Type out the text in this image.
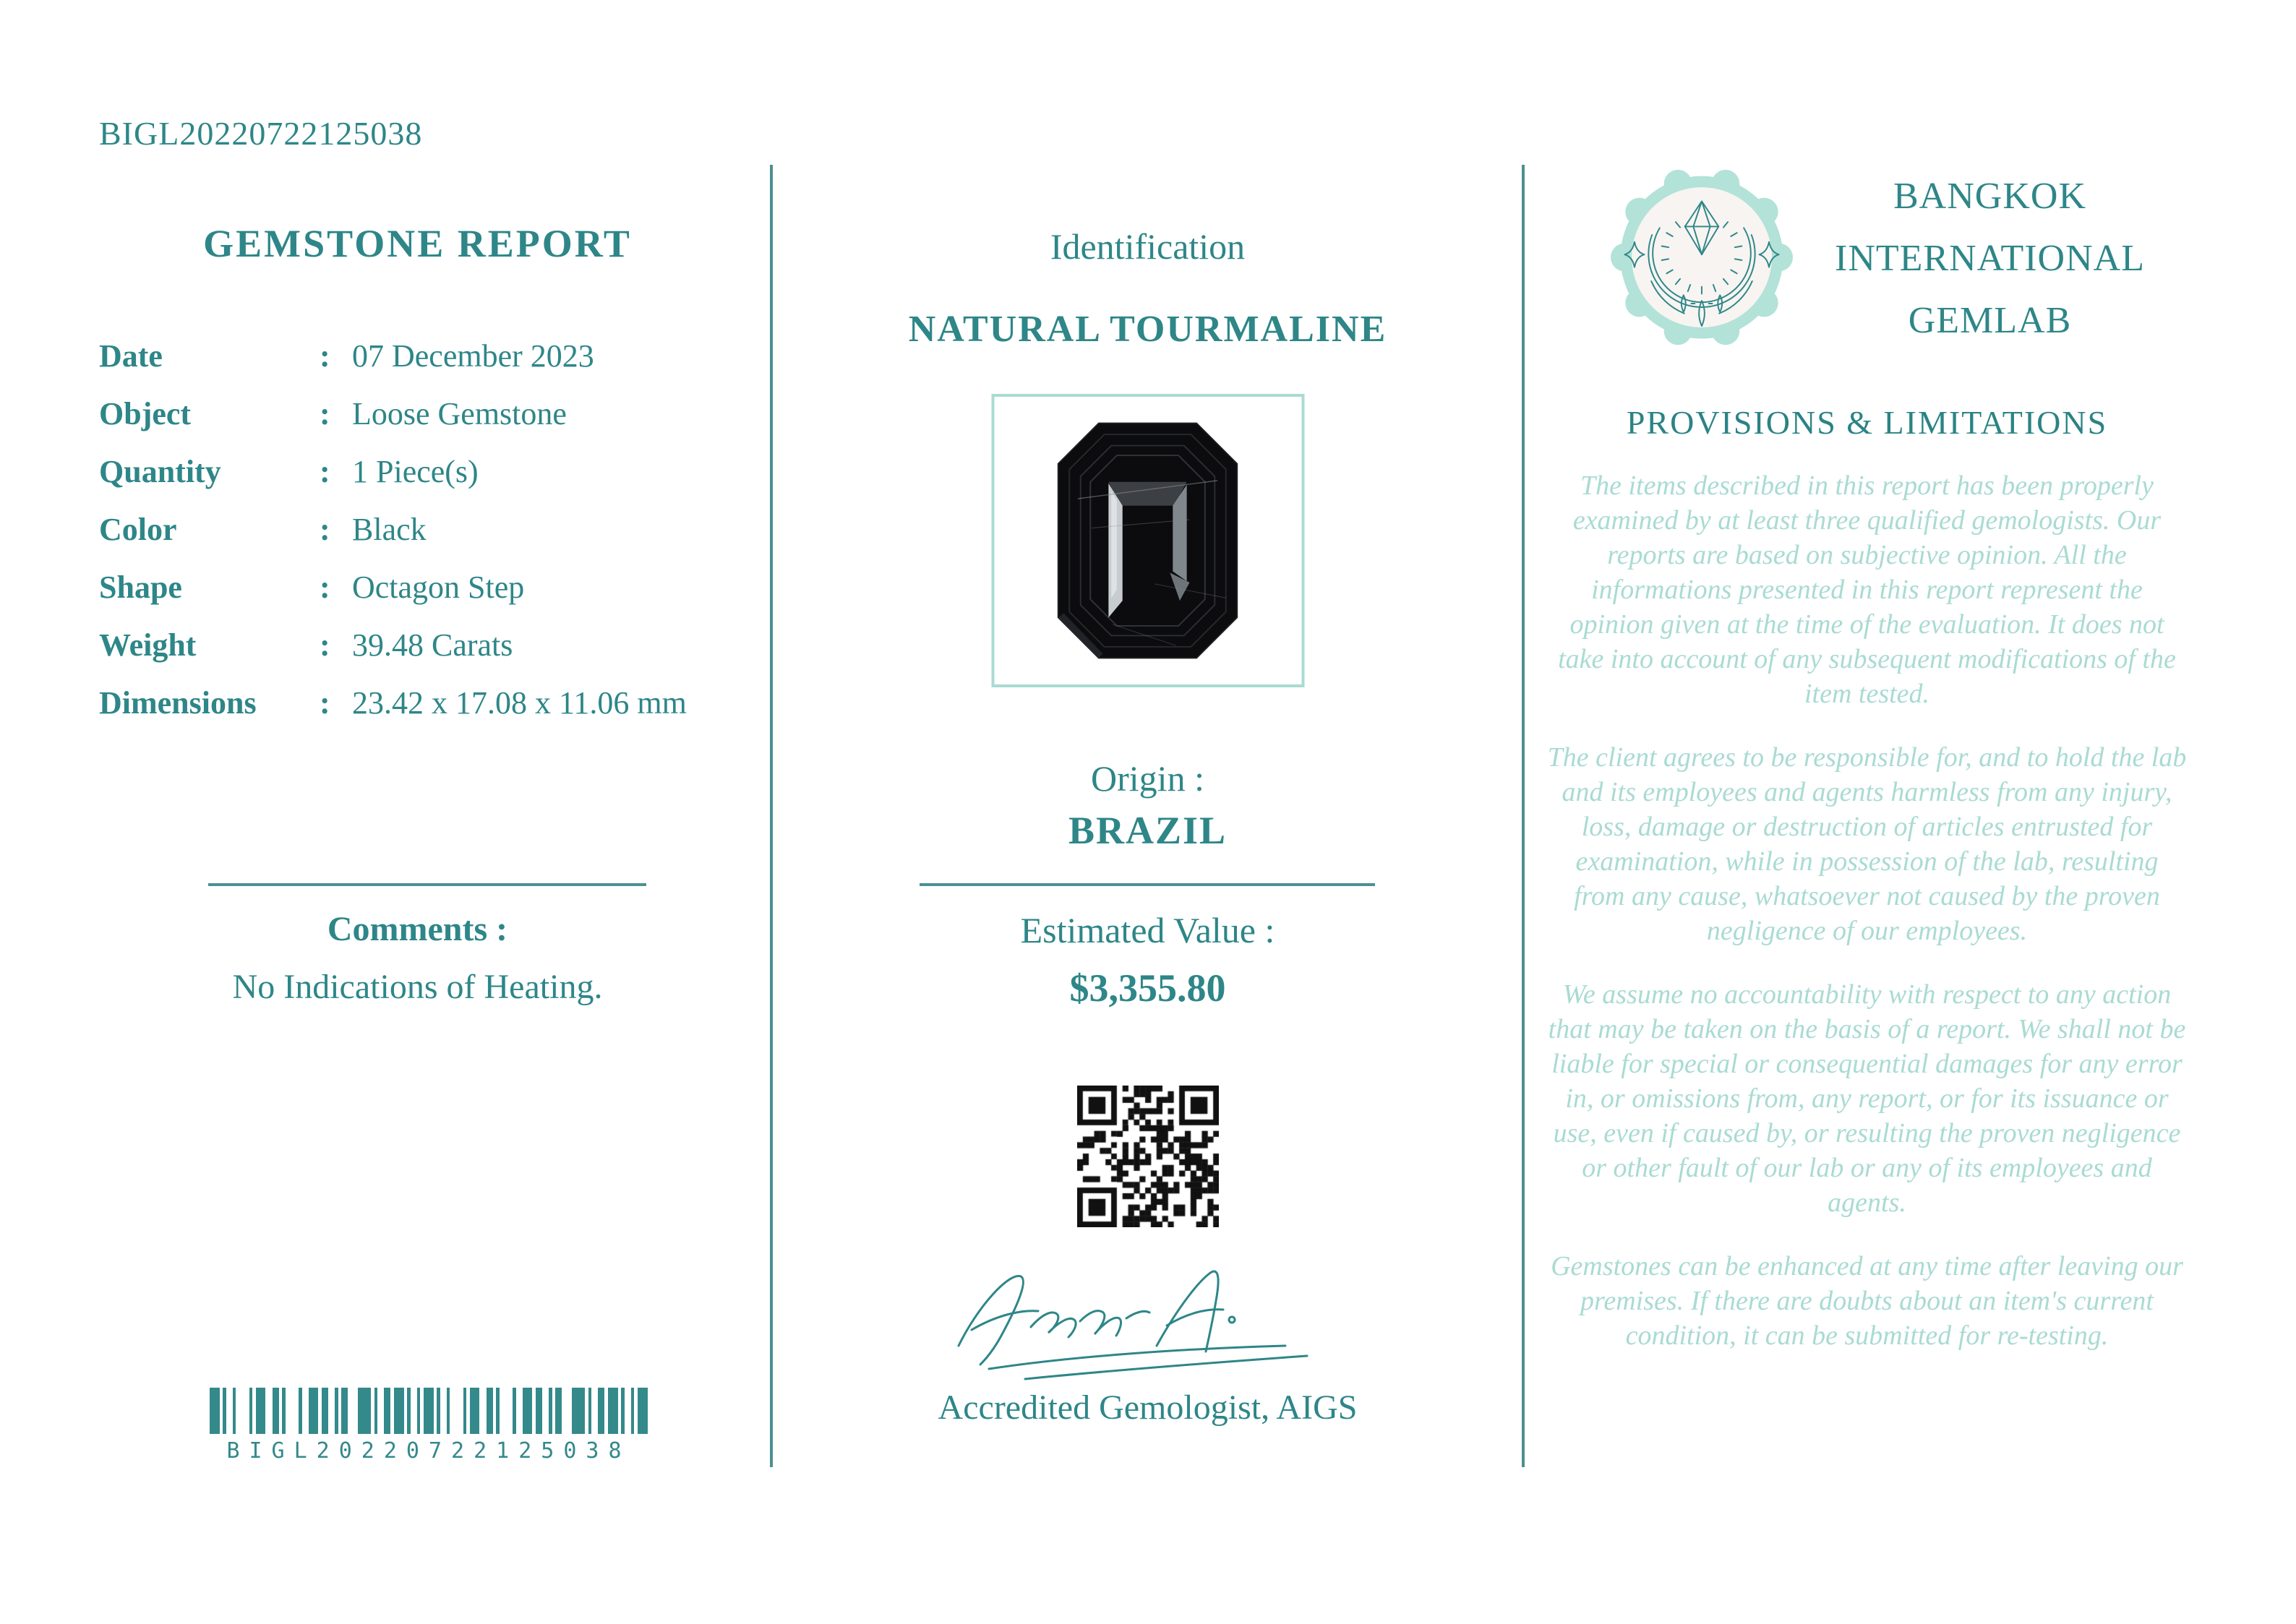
BIGL20220722125038
GEMSTONE REPORT
Date	: 07 December 2023
Object	: Loose Gemstone
Quantity	: 1 Piece(s)
Color	: Black
Shape	: Octagon Step
Weight	: 39.48 Carats
Dimensions	: 23.42 x 17.08 x 11.06 mm
Comments :
No Indications of Heating.
BIGL20220722125038
Identification
NATURAL TOURMALINE
Origin :
BRAZIL
Estimated Value :
$3,355.80
Accredited Gemologist, AIGS
BANGKOK
INTERNATIONAL
GEMLAB
PROVISIONS & LIMITATIONS

The items described in this report has been properly examined by at least three qualified gemologists. Our reports are based on subjective opinion. All the informations presented in this report represent the opinion given at the time of the evaluation. It does not take into account of any subsequent modifications of the item tested.

The client agrees to be responsible for, and to hold the lab and its employees and agents harmless from any injury, loss, damage or destruction of articles entrusted for examination, while in possession of the lab, resulting from any cause, whatsoever not caused by the proven negligence of our employees.

We assume no accountability with respect to any action that may be taken on the basis of a report. We shall not be liable for special or consequential damages for any error in, or omissions from, any report, or for its issuance or use, even if caused by, or resulting the proven negligence or other fault of our lab or any of its employees and agents.

Gemstones can be enhanced at any time after leaving our premises. If there are doubts about an item's current condition, it can be submitted for re-testing.
